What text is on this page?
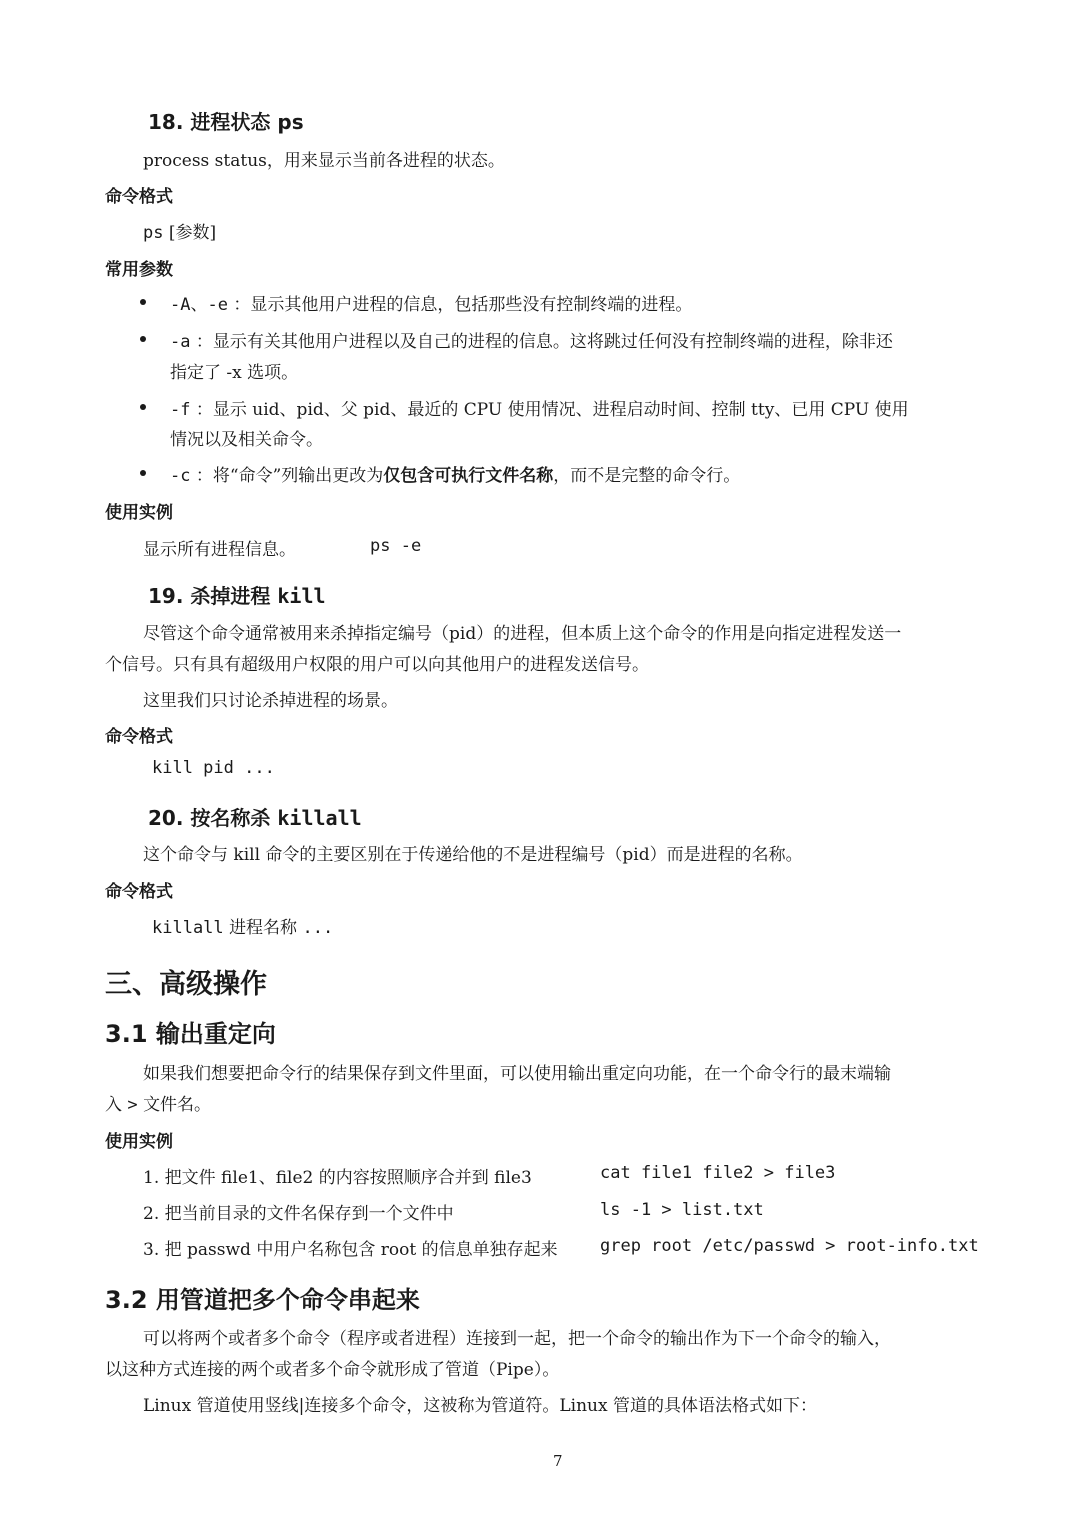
18. 进程状态 ps
process status，用来显示当前各进程的状态。
命令格式
ps [参数]
常用参数
-A、-e ：显示其他用户进程的信息，包括那些没有控制终端的进程。
-a ：显示有关其他用户进程以及自己的进程的信息。这将跳过任何没有控制终端的进程，除非还
指定了 -x 选项。
-f ：显示 uid、pid、父 pid、最近的 CPU 使用情况、进程启动时间、控制 tty、已用 CPU 使用
情况以及相关命令。
-c ：将“命令”列输出更改为仅包含可执行文件名称，而不是完整的命令行。
使用实例
显示所有进程信息。	ps -e
19. 杀掉进程 kill
尽管这个命令通常被用来杀掉指定编号（pid）的进程，但本质上这个命令的作用是向指定进程发送一
个信号。只有具有超级用户权限的用户可以向其他用户的进程发送信号。
这里我们只讨论杀掉进程的场景。
命令格式
kill pid ...
20. 按名称杀 killall
这个命令与 kill 命令的主要区别在于传递给他的不是进程编号（pid）而是进程的名称。
命令格式
killall 进程名称 ...
三、高级操作
3.1 输出重定向
如果我们想要把命令行的结果保存到文件里面，可以使用输出重定向功能，在一个命令行的最末端输
入 > 文件名。
使用实例
1. 把文件 file1、file2 的内容按照顺序合并到 file3	cat file1 file2 > file3
2. 把当前目录的文件名保存到一个文件中	ls -1 > list.txt
3. 把 passwd 中用户名称包含 root 的信息单独存起来 grep root /etc/passwd > root-info.txt
3.2 用管道把多个命令串起来
可以将两个或者多个命令（程序或者进程）连接到一起，把一个命令的输出作为下一个命令的输入，
以这种方式连接的两个或者多个命令就形成了管道（Pipe）。
Linux 管道使用竖线|连接多个命令，这被称为管道符。Linux 管道的具体语法格式如下：
7
